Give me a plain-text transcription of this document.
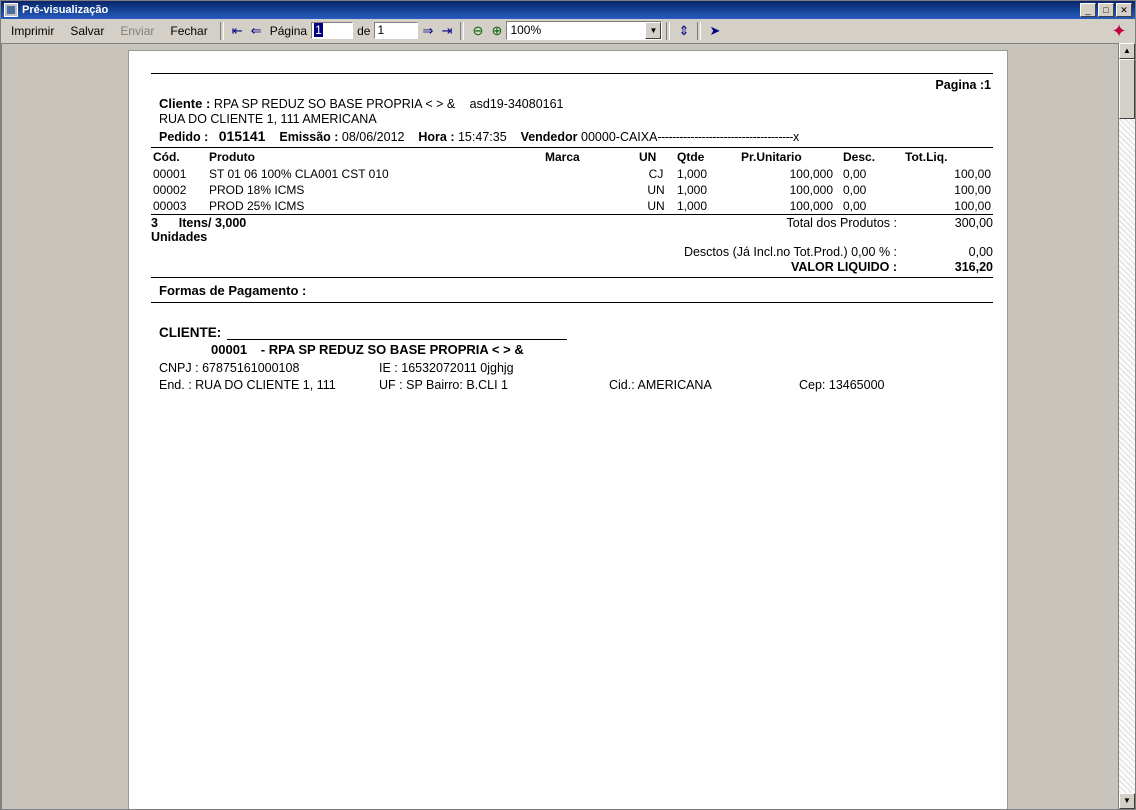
Pré-visualização	_	□	✕
Imprimir	Salvar	Enviar	Fechar	⇤ ⇐ Página 1	de 1	⇒ ⇥	⊖ ⊕ 100%	▼	⇕	➤	✦
Pagina :1
Cliente : RPA SP REDUZ SO BASE PROPRIA < > & asd19-34080161
RUA DO CLIENTE 1, 111 AMERICANA
Pedido : 015141 Emissão : 08/06/2012 Hora : 15:47:35 Vendedor 00000-CAIXA-------------------------------------x
Cód.	Produto	Marca	UN	Qtde	Pr.Unitario	Desc.	Tot.Liq.
00001	ST 01 06 100% CLA001 CST 010		CJ	1,000	100,000	0,00	100,00
00002	PROD 18% ICMS		UN	1,000	100,000	0,00	100,00
00003	PROD 25% ICMS		UN	1,000	100,000	0,00	100,00
3 Itens/ 3,000    Unidades
Total dos Produtos :	300,00
Desctos (Já Incl.no Tot.Prod.) 0,00 % :	0,00
VALOR LIQUIDO :	316,20
Formas de Pagamento :
CLIENTE:
00001 - RPA SP REDUZ SO BASE PROPRIA < > &
CNPJ : 67875161000108	IE : 16532072011 0jghjg
End. : RUA DO CLIENTE 1, 111	UF : SP Bairro: B.CLI 1	Cid.: AMERICANA	Cep: 13465000
▲
▼
